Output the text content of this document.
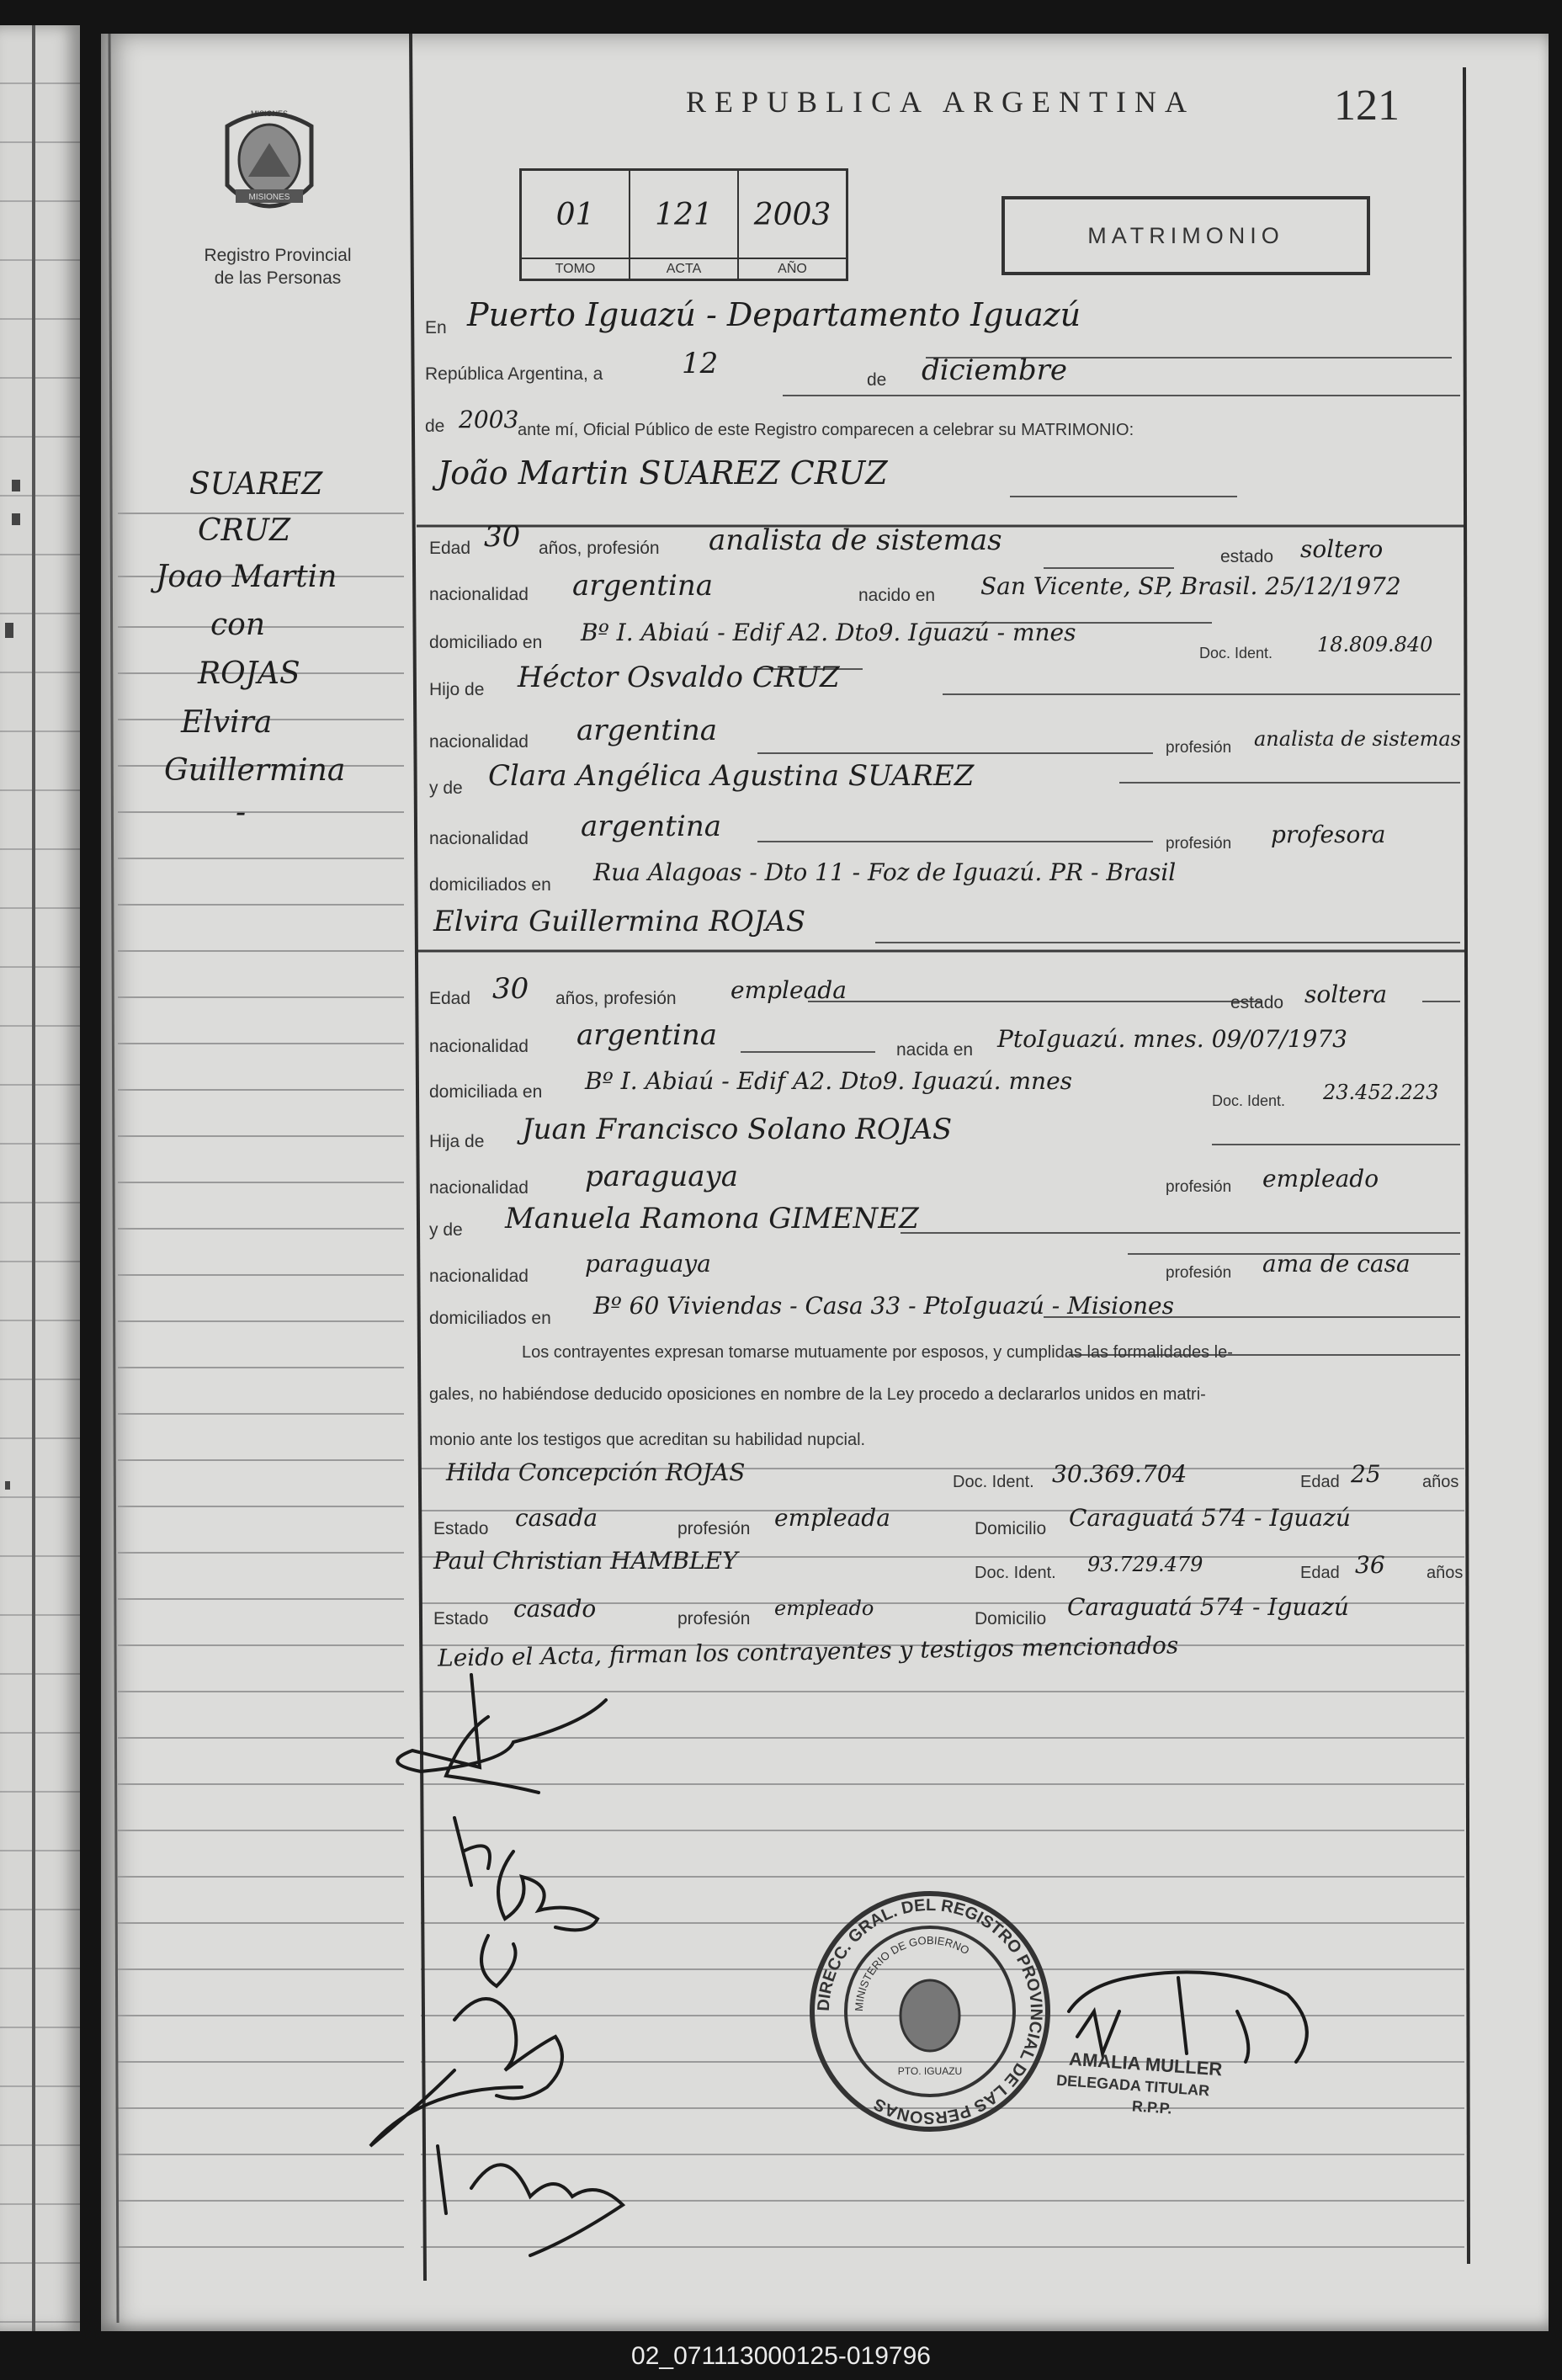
MISIONES
MISIONES
Registro Provincial
de las Personas
REPUBLICA ARGENTINA	121
01
TOMO
121
ACTA
2003
AÑO
MATRIMONIO
SUAREZ
CRUZ
Joao Martin
con
ROJAS
Elvira
Guillermina
-
En Puerto Iguazú - Departamento Iguazú
República Argentina, a	12	de diciembre
de 2003
ante mí, Oficial Público de este Registro comparecen a celebrar su MATRIMONIO:
João Martin SUAREZ CRUZ
Edad 30 años, profesión analista de sistemas	estado soltero
nacionalidad argentina	nacido en San Vicente, SP, Brasil. 25/12/1972
domiciliado en Bº I. Abiaú - Edif A2. Dto9. Iguazú - mnes
Doc. Ident. 18.809.840
Hijo de Héctor Osvaldo CRUZ
nacionalidad argentina
profesión analista de sistemas
y de Clara Angélica Agustina SUAREZ
nacionalidad argentina
profesión profesora
domiciliados en Rua Alagoas - Dto 11 - Foz de Iguazú. PR - Brasil
Elvira Guillermina ROJAS
Edad 30 años, profesión empleada	estado soltera
nacionalidad argentina	nacida en PtoIguazú. mnes. 09/07/1973
domiciliada en Bº I. Abiaú - Edif A2. Dto9. Iguazú. mnes
Doc. Ident. 23.452.223
Hija de Juan Francisco Solano ROJAS
nacionalidad paraguaya	profesión empleado
y de Manuela Ramona GIMENEZ
nacionalidad paraguaya	profesión ama de casa
domiciliados en Bº 60 Viviendas - Casa 33 - PtoIguazú - Misiones
Los contrayentes expresan tomarse mutuamente por esposos, y cumplidas las formalidades le-
gales, no habiéndose deducido oposiciones en nombre de la Ley procedo a declararlos unidos en matri-
monio ante los testigos que acreditan su habilidad nupcial.
Hilda Concepción ROJAS	Doc. Ident. 30.369.704	Edad 25 años
Estado casada	profesión empleada	Domicilio Caraguatá 574 - Iguazú
Paul Christian HAMBLEY	Doc. Ident. 93.729.479	Edad 36 años
Estado casado	profesión empleado	Domicilio Caraguatá 574 - Iguazú
Leido el Acta, firman los contrayentes y testigos mencionados
DIRECC. GRAL. DEL REGISTRO PROVINCIAL DE LAS PERSONAS
MINISTERIO DE GOBIERNO
PTO. IGUAZU	AMALIA MULLER
DELEGADA TITULAR
R.P.P.
02_071113000125-019796
